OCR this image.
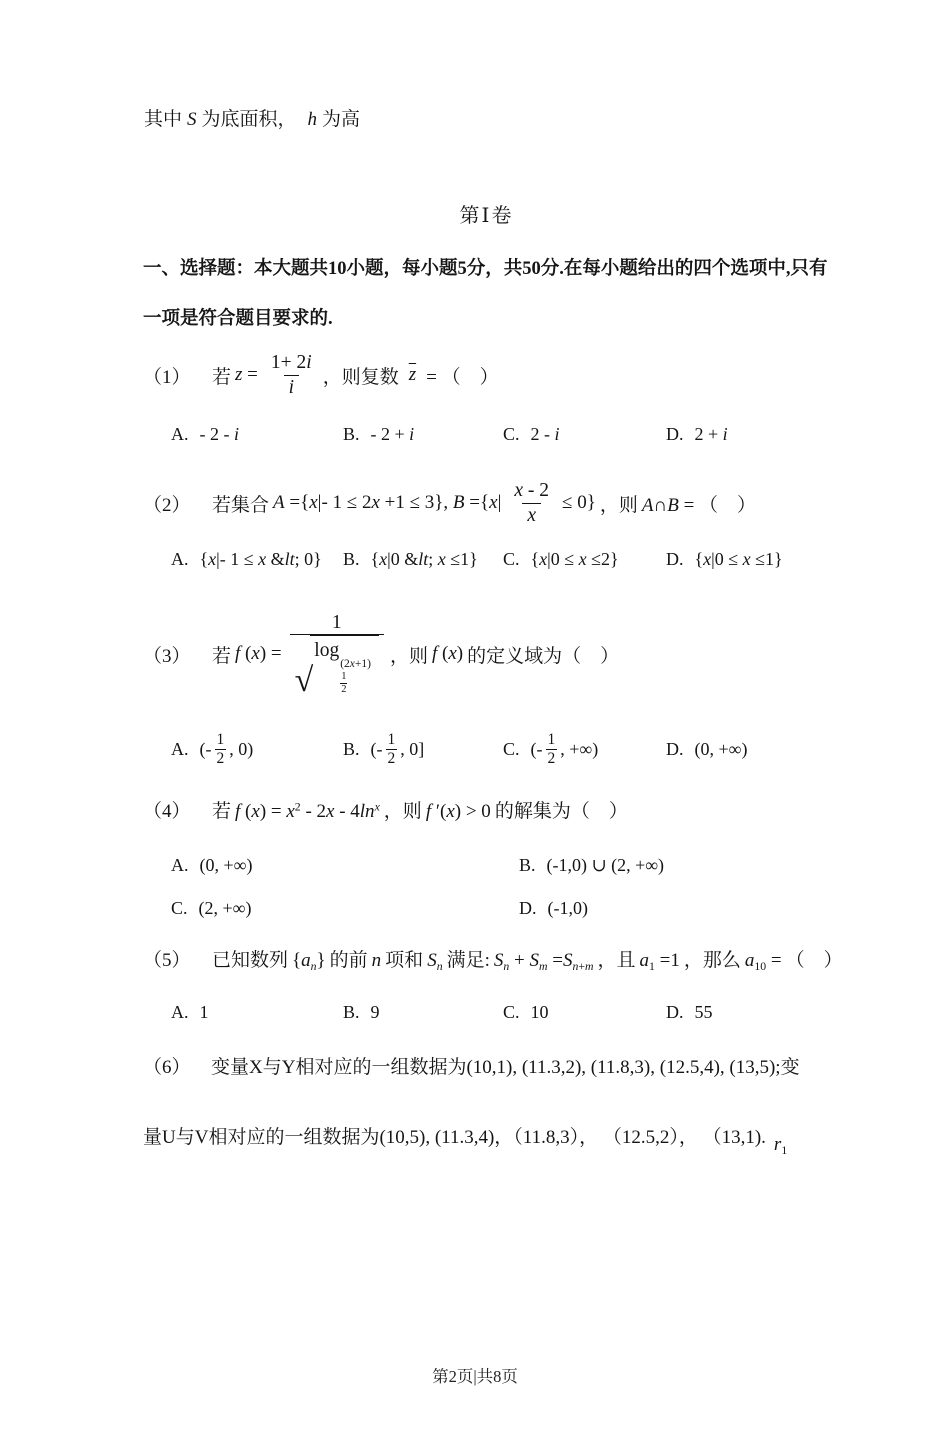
其中 S 为底面积， h 为高
第Ⅰ卷
一、选择题：本大题共10小题，每小题5分，共50分.在每小题给出的四个选项中,只有
一项是符合题目要求的.
（1）	若 $z = \frac{1+ 2i}{i}$ ，则复数 $\overline{z}$ = （　）
A. - 2 - i	B. - 2 + i	C. 2 - i	D. 2 + i
（2）	若集合 A ={x|- 1 ≤ 2x +1 ≤ 3}, $B =\{x| \frac{x - 2}{x} \le 0\}$ ，则 A∩B = （　）
A. {x|- 1 ≤ x &lt; 0} B. {x|0 &lt; x ≤1} C. {x|0 ≤ x ≤2}	D. {x|0 ≤ x ≤1}
（3）	若 f (x) = 1
√
log
(2x+1)
$\frac{1}{2}$ ，则 f (x) 的定义域为（　）
A. (- $\frac{1}{2}$ , 0)	B. (- $\frac{1}{2}$ , 0]	C. (- $\frac{1}{2}$ , +∞)	D. (0, +∞)
（4） 若 f $(x) = x^2 - 2x - 4\ln^x$ ，则 f ′(x) > 0 的解集为（　）
A. (0, +∞)	B. (-1,0) ∪ (2, +∞)
C. (2, +∞)	D. (-1,0)
（5） 已知数列 $\{a_n\}$ 的前 n 项和 $S_n$ 满足: $S_n + S_m =S_{n+m}$ ，且 $a_1 =1$ ，那么 $a_{10}$ = （　）
A. 1	B. 9	C. 10	D. 55
（6） 变量X与Y相对应的一组数据为(10,1), (11.3,2), (11.8,3), (12.5,4), (13,5);变
量U与V相对应的一组数据为(10,5), (11.3,4)，（11.8,3）， （12.5,2）， （13,1). $r_1$
第2页|共8页
